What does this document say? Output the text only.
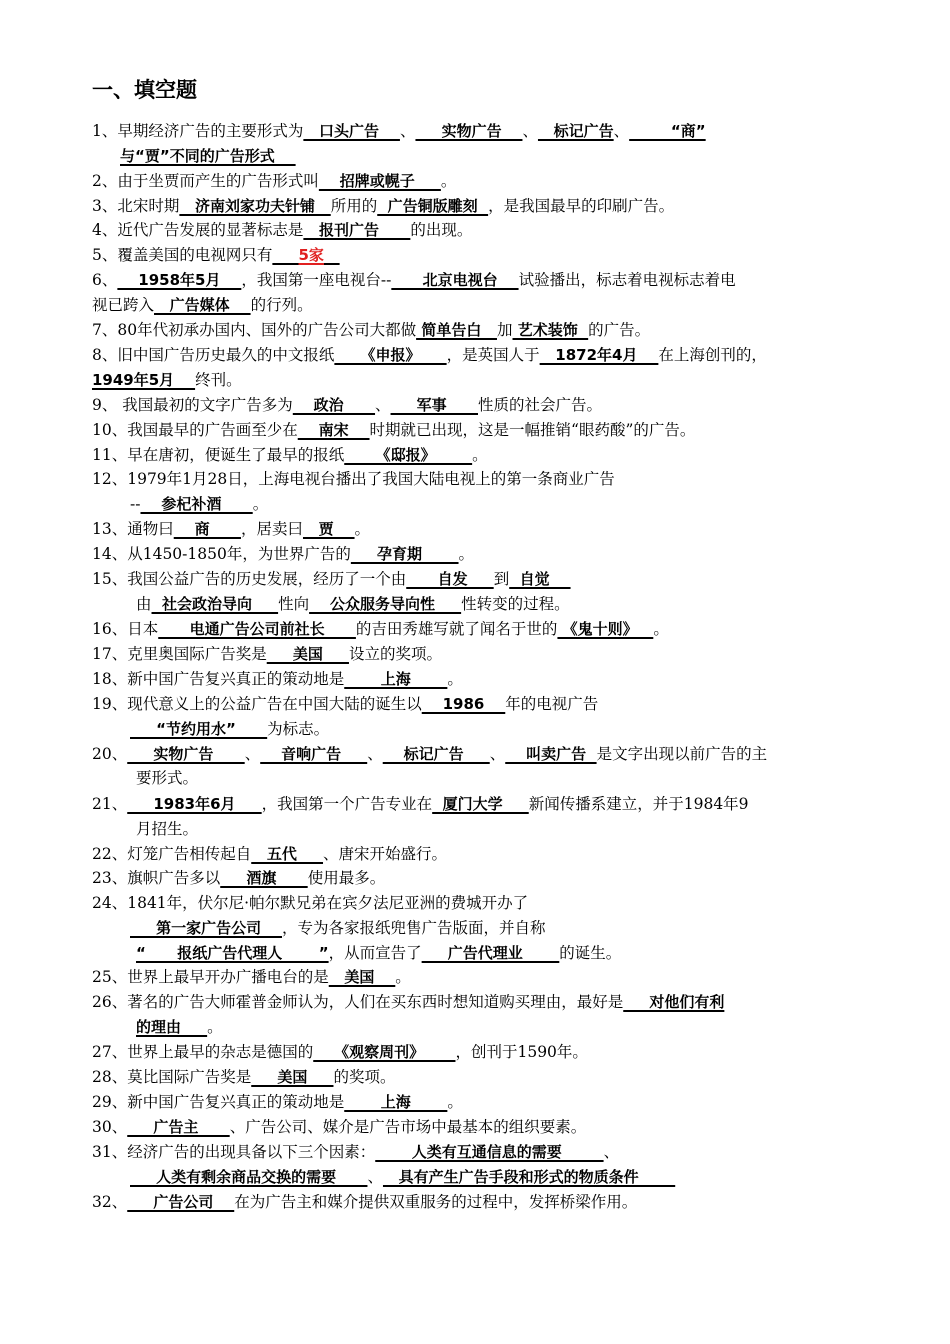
一、填空题
1、早期经济广告的主要形式为   口头广告    、     实物广告    、   标记广告、        “商”
与“贾”不同的广告形式
2、由于坐贾而产生的广告形式叫    招牌或幌子     。
3、北宋时期   济南刘家功夫针铺   所用的  广告铜版雕刻  ，是我国最早的印刷广告。
4、近代广告发展的显著标志是   报刊广告      的出现。
5、覆盖美国的电视网只有 5家
6、    1958年5月    ，我国第一座电视台--      北京电视台    试验播出，标志着电视标志着电
视已跨入   广告媒体    的行列。
7、80年代初承办国内、国外的广告公司大都做 简单告白   加 艺术装饰  的广告。
8、旧中国广告历史最久的中文报纸     《申报》     ，是英国人于   1872年4月    在上海创刊的，
1949年5月    终刊。
9、 我国最初的文字广告多为    政治      、     军事      性质的社会广告。
10、我国最早的广告画至少在    南宋    时期就已出现，这是一幅推销“眼药酸”的广告。
11、早在唐初，便诞生了最早的报纸      《邸报》       。
12、1979年1月28日，上海电视台播出了我国大陆电视上的第一条商业广告
--    参杞补酒      。
13、通物曰    商      ，居卖曰   贾    。
14、从1450-1850年，为世界广告的     孕育期       。
15、我国公益广告的历史发展，经历了一个由      自发     到  自觉
由  社会政治导向     性向    公众服务导向性     性转变的过程。
16、日本      电通广告公司前社长      的吉田秀雄写就了闻名于世的 《鬼十则》   。
17、克里奥国际广告奖是     美国     设立的奖项。
18、新中国广告复兴真正的策动地是       上海       。
19、现代意义上的公益广告在中国大陆的诞生以    1986    年的电视广告
“节约用水”      为标志。
20、     实物广告      、    音响广告     、    标记广告     、    叫卖广告  是文字出现以前广告的主
要形式。
21、     1983年6月     ，我国第一个广告专业在  厦门大学     新闻传播系建立，并于1984年9
月招生。
22、灯笼广告相传起自   五代     、唐宋开始盛行。
23、旗帜广告多以     酒旗      使用最多。
24、1841年，伏尔尼·帕尔默兄弟在宾夕法尼亚洲的费城开办了
第一家广告公司    ，专为各家报纸兜售广告版面，并自称
“      报纸广告代理人       ”，从而宣告了     广告代理业       的诞生。
25、世界上最早开办广播电台的是   美国    。
26、著名的广告大师霍普金师认为，人们在买东西时想知道购买理由，最好是     对他们有利
的理由     。
27、世界上最早的杂志是德国的    《观察周刊》      ，创刊于1590年。
28、莫比国际广告奖是     美国     的奖项。
29、新中国广告复兴真正的策动地是       上海       。
30、     广告主      、广告公司、媒介是广告市场中最基本的组织要素。
31、经济广告的出现具备以下三个因素：       人类有互通信息的需要        、
人类有剩余商品交换的需要      、   具有产生广告手段和形式的物质条件
32、     广告公司    在为广告主和媒介提供双重服务的过程中，发挥桥梁作用。
